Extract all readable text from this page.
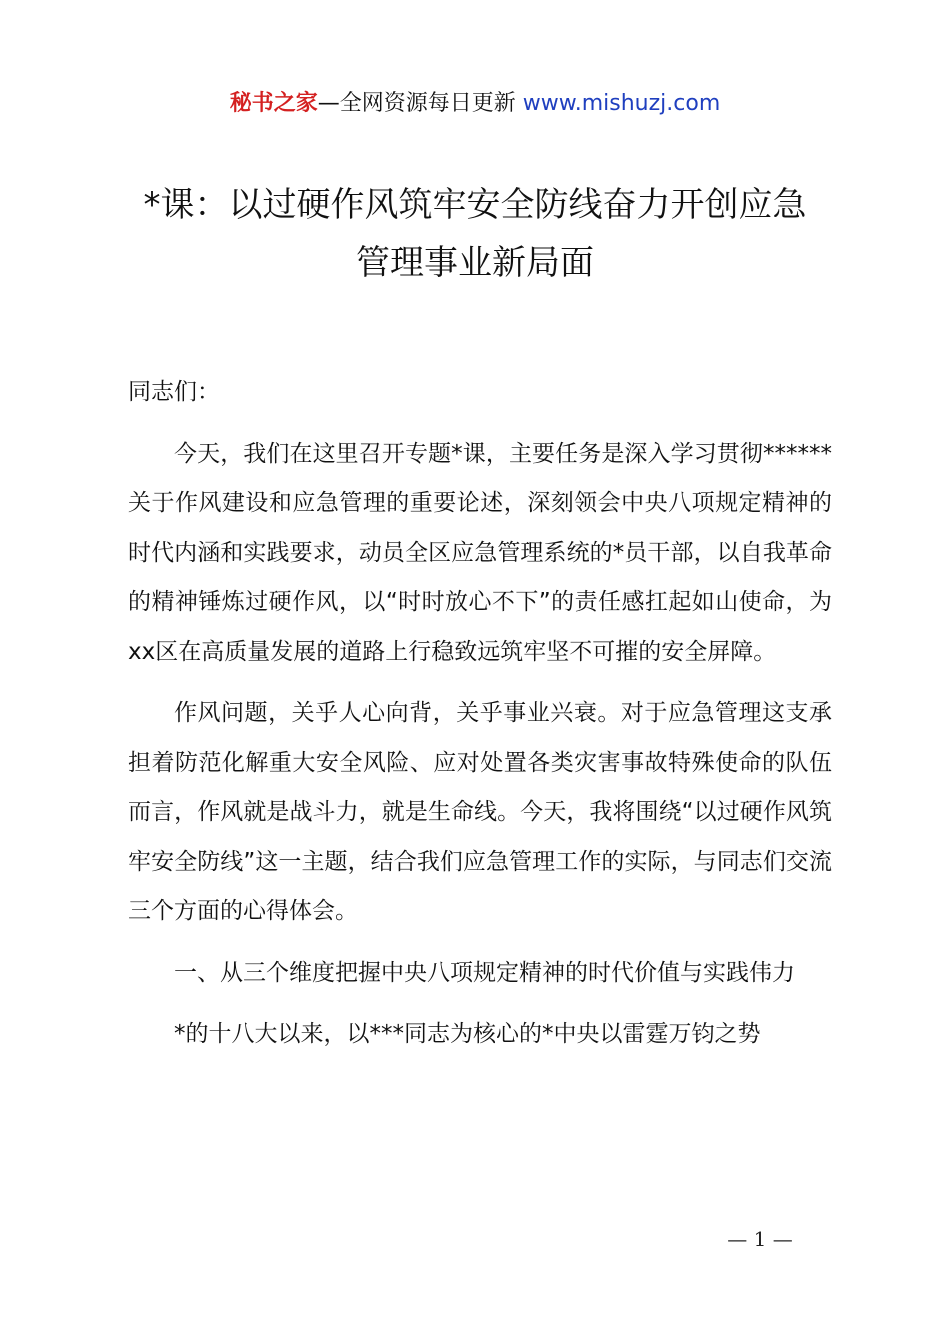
秘书之家—全网资源每日更新 www.mishuzj.com
*课：以过硬作风筑牢安全防线奋力开创应急
管理事业新局面

同志们：

今天，我们在这里召开专题*课，主要任务是深入学习贯彻******关于作风建设和应急管理的重要论述，深刻领会中央八项规定精神的时代内涵和实践要求，动员全区应急管理系统的*员干部，以自我革命的精神锤炼过硬作风，以“时时放心不下”的责任感扛起如山使命，为xx区在高质量发展的道路上行稳致远筑牢坚不可摧的安全屏障。

作风问题，关乎人心向背，关乎事业兴衰。对于应急管理这支承担着防范化解重大安全风险、应对处置各类灾害事故特殊使命的队伍而言，作风就是战斗力，就是生命线。今天，我将围绕“以过硬作风筑牢安全防线”这一主题，结合我们应急管理工作的实际，与同志们交流三个方面的心得体会。

一、从三个维度把握中央八项规定精神的时代价值与实践伟力

*的十八大以来，以***同志为核心的*中央以雷霆万钧之势

— 1 —
